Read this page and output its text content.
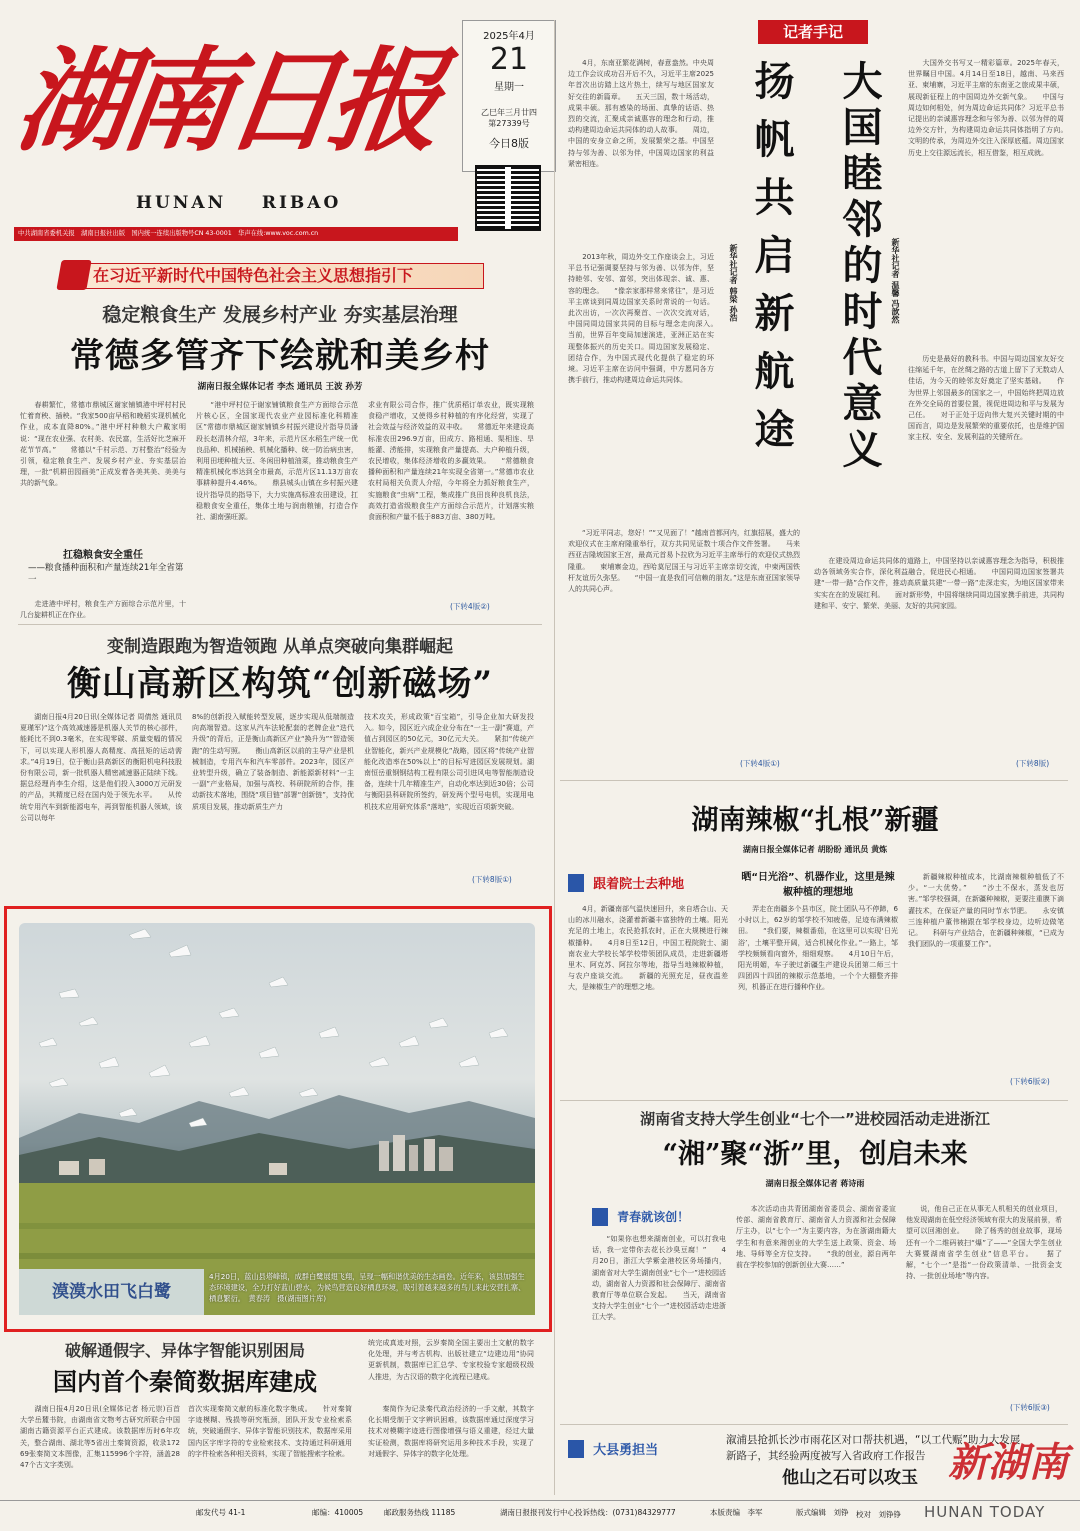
湖南日报
HUNAN    RIBAO
2025年4月
21
星期一
乙巳年三月廿四
第27339号
今日8版
中共湖南省委机关报　湖南日报社出版　国内统一连续出版物号CN 43-0001　华声在线:www.voc.com.cn
在习近平新时代中国特色社会主义思想指引下
稳定粮食生产 发展乡村产业 夯实基层治理
常德多管齐下绘就和美乡村
湖南日报全媒体记者 李杰 通讯员 王波 孙芳
　　春耕繁忙，常德市鼎城区谢家铺镇港中坪村村民忙着育秧、插秧。“我家500亩早稻和晚稻实现机械化作业，成本直降80%。”港中坪村种粮大户戴家明说：“现在农业强、农村美、农民富，生活好比芝麻开花节节高。”　　常德以“千村示范、万村整治”经验为引领，稳定粮食生产、发展乡村产业、夯实基层治理，一批“机耕田园画美”正成发着各美其美、美美与共的新气象。
扛稳粮食安全重任
——粮食播种面积和产量连续21年全省第一
　　走进港中坪村，粮食生产方面综合示范片里，十几台旋耕机正在作业。
　　“港中坪村位于谢家铺镇粮食生产方面综合示范片核心区，全国家现代农业产业园标准化科精准区”常德市鼎城区谢家铺镇乡村振兴建设片指导员潘段长赵清林介绍，3年来，示范片区水稻生产统一优良品种、机械插秧、机械化播种、统一防治病虫害，利用田埂种植大豆、冬闲田种植油菜，推动粮食生产精准机械化率达到全市最高，示范片区11.13万亩农事耕种提升4.46%。　　鼎县城头山镇在乡村振兴建设片指导员的指导下，大力实施高标准农田建设，扛稳粮食安全重任，集体土地与润南粮铺，打造合作社、湖南强旺源。
求业有限公司合作，推广优质稻订单农业，既实现粮食稳产增收，又使得乡村种植的有序化经营，实现了社会效益与经济效益的双丰收。　　常德近年来建设高标准农田296.9万亩，田成方、路相通、渠相连、旱能灌、涝能排，实现粮食产量提高、大户种植升级，农民增收，集体经济增收的多赢效果。　　“常德粮食播种面积和产量连续21年实现全省第一。”常德市农业农村局相关负责人介绍，今年将全力抓好粮食生产，实施粮食“虫病”工程，集成推广良田良种良机良法，高效打造省级粮食生产方面综合示范片，计划落实粮食面积和产量不低于883万亩、380万吨。
(下转4版②)
变制造跟跑为智造领跑 从单点突破向集群崛起
衡山高新区构筑“创新磁场”
　　湖南日报4月20日讯(全媒体记者 周倩然 通讯员 夏瑾军)“这个高效减速器是机器人关节的核心部件，能耗比不到0.3毫米，在实现零碳、质量变幅的情况下，可以实现人形机器人高精度、高扭矩的运动需求。”4月19日，位于衡山县高新区的衡阳机电科技股份有限公司，新一批机器人精密减速器正陆续下线。据总经理肖李生介绍，这是他们投入3000万元研发的产品，其精度已经在国内处于领先水平。　　从传统专用汽车到新能源电车，再到智能机器人领域，该公司以每年
8%的创新投入赋能转型发展，逐步实现从低端制造向高端智造。这家从汽车法轮配套的老牌企业“迭代升级”的背后，正是衡山高新区产业“换升为”“智造领跑”的生动写照。　　衡山高新区以前的主导产业是机械制造，专用汽车和汽车零部件。2023年，园区产业转型升级，确立了装备制造、新能源新材料“一主一副”产业格局，加强与高校、科研院所的合作，推动新技术落地，围绕“项目链”部署“创新链”，支持优质项目发展，推动新质生产力
技术攻关，形成政策“百宝箱”，引导企业加大研发投入。如今，园区近六成企业分布在“一主一副”赛道，产值占到园区的50亿元，30亿元大关。　　紧扣“传统产业智能化，新兴产业规模化”战略，园区将“传统产业智能化改造率在50%以上”的目标写进园区发展规划。湖南恒岳重钢钢结构工程有限公司引进风电等智能制造设备，连续十几年精准生产，自动化率达到近30倍；公司与衡阳县科研院所签约，研发两个型号电机，实现用电机技术应用研究体系“落地”，实现近百项新突破。
(下转8版①)
漠漠水田飞白鹭
4月20日，蓝山县塔峰镇，成群白鹭展翅飞翔，呈现一幅和谐优美的生态画卷。近年来，该县加强生态环境建设，全力打好蓝山碧水，为候鸟营造良好栖息环境，吸引着越来越多的鸟儿来此安营扎寨、栖息繁衍。　黄春涛　摄(湖南图片库)
破解通假字、异体字智能识别困局
国内首个秦简数据库建成
　　湖南日报4月20日讯(全媒体记者 杨元崇)百首大学岳麓书院，由湖南省文物考古研究所联合中国湖南古籍资源平台正式建成。该数据库历时6年攻关，整合湖南、湖北等5省出土秦简资源，收录17269张秦简文本图像，汇集115996个字符，涵盖2847个古文字类别。
首次实现秦简文献的标准化数字集成。　　针对秦简字迹模糊、残损等研究瓶颈，团队开发专业检索系统，突破通假字、异体字智能识别技术，数据库采用国内区字库字符的专业检索技术、支持通过科研通用的字件检索各种相关资料，实现了智能搜索字检索。
统完成真迹对照，云岁秦简全国主要出土文献的数字化处理，并与考古机构、出版社建立“边建边用”协同更新机制，数据库已汇总学、专家校验专家超级权级人推进，为古汉语的数字化流程已建成。
　　秦简作为记录秦代政治经济的一手文献，其数字化长期受制于文字辨识困难，该数据库通过深度学习技术对模糊字迹进行图像增强与语义重建，经过大量实证检测，数据库将研究运用多种技术手段，实现了对通假字、异体字的数字化处理。
　　4月，东南亚繁花满树，春意盎然。中央周边工作会议成功召开后不久，习近平主席2025年首次出访踏上这片热土，续写与地区国家友好交往的新篇章。　　五天三国，数十场活动，成果丰硕。那有感染的场面、真挚的话语、热烈的交流，汇聚成亲诚惠容的理念和行动，推动构建周边命运共同体的动人故事。　　周边，中国的安身立命之所，发展繁荣之基。中国坚持与邻为善、以邻为伴，中国周边国家的利益紧密相连。
　　2013年秋，周边外交工作座谈会上，习近平总书记强调要坚持与邻为善、以邻为伴，坚持睦邻、安邻、富邻，突出体现亲、诚、惠、容的理念。　　“像亲家那样常来常往”，是习近平主席谈到同周边国家关系时常说的一句话。此次出访，一次次再聚首、一次次交流对话，中国同周边国家共同的目标与理念走向深入。　　当前，世界百年变局加速演进，亚洲正站在实现整体振兴的历史关口。周边国家发展稳定、团结合作，为中国式现代化提供了稳定的环境。习近平主席在访问中强调，中方愿同各方携手前行，推动构建周边命运共同体。
　　“习近平同志，您好！”“又见面了！”越南首都河内，红旗招展，盛大的欢迎仪式在主席府隆重举行，双方共同见证数十项合作文件签署。　　马来西亚吉隆坡国家王宫，最高元首易卜拉欣为习近平主席举行的欢迎仪式热烈隆重。　　柬埔寨金边，西哈莫尼国王与习近平主席亲切交流，中柬两国铁杆友谊历久弥坚。　　“中国一直是我们可信赖的朋友。”这是东南亚国家领导人的共同心声。
(下转4版①)
记者手记
扬帆共启新航途
新华社记者 韩梁 孙浩 大国睦邻的时代意义	新华社记者 温馨 冯歆然
　　大国外交书写又一精彩篇章。2025年春天，世界瞩目中国。4月14日至18日，越南、马来西亚、柬埔寨，习近平主席的东南亚之旅成果丰硕，展现新征程上的中国周边外交新气象。　　中国与周边如何相处，何为周边命运共同体？习近平总书记提出的亲诚惠容理念和与邻为善、以邻为伴的周边外交方针，为构建周边命运共同体指明了方向。　　文明的传承，为周边外交注入深厚底蕴。周边国家历史上交往源远流长，相互借鉴，相互成就。
　　历史是最好的教科书。中国与周边国家友好交往绵延千年，在丝绸之路的古道上留下了无数动人佳话，为今天的睦邻友好奠定了坚实基础。　　作为世界上邻国最多的国家之一，中国始终把周边放在外交全局的首要位置，视促进周边和平与发展为己任。　　对于正处于迈向伟大复兴关键时期的中国而言，周边是发展繁荣的重要依托，也是维护国家主权、安全、发展利益的关键所在。
　　在建设周边命运共同体的道路上，中国坚持以亲诚惠容理念为指导，积极推动各领域务实合作，深化利益融合，促进民心相通。　　中国同周边国家签署共建“一带一路”合作文件，推动高质量共建“一带一路”走深走实，为地区国家带来实实在在的发展红利。　　面对新形势，中国将继续同周边国家携手前进，共同构建和平、安宁、繁荣、美丽、友好的共同家园。
(下转8版)
湖南辣椒“扎根”新疆
湖南日报全媒体记者 胡盼盼 通讯员 黄炼
跟着院士去种地	晒“日光浴”、机器作业，这里是辣椒种植的理想地
　　4月，新疆南部气温快速回升，来自塔合山、天山的冰川融水，浇灌着新疆丰富独特的土壤。阳光充足的土地上，农民抢抓农时，正在大规模进行辣椒播种。　　4月8日至12日，中国工程院院士、湖南农业大学校长邹学校带领团队成员，走进新疆塔里木、阿克苏、阿拉尔等地，指导当地辣椒种植，与农户座谈交流。　　新疆的光照充足，昼夜温差大，是辣椒生产的理想之地。
　　弄走在南疆多个县市区，院士团队马不停蹄，6小时以上，62岁的邹学校不知疲倦，足迹布满辣椒田。　　“我们要，辣椒番茄，在这里可以实现‘日光浴’，土壤平整开阔，适合机械化作业。”一路上，邹学校频频看向窗外，细细观察。　　4月10日午后，阳光明媚，车子驶过新疆生产建设兵团第二师三十四团四十四团的辣椒示范基地，一个个大棚整齐排列，机器正在进行播种作业。
　　新疆辣椒种植成本，比湖南辣椒种植低了不少。“一大优势。”　　“沙土不保水，蒸发也厉害。”邹学校强调，在新疆种辣椒，更要注重膜下滴灌技术，在保证产量的同时节水节肥。　　永安镇三连种植户董伟楠跟在邹学校身边，边听边做笔记。　　科研与产业结合，在新疆种辣椒，“已成为我们团队的一项重要工作”。
(下转6版②)
湖南省支持大学生创业“七个一”进校园活动走进浙江
“湘”聚“浙”里，创启未来
湖南日报全媒体记者 蒋诗雨
青春就该创！
　　“如果你也想来湖南创业，可以打我电话，我一定带你去花长沙臭豆腐！”　　4月20日，浙江大学紫金港校区务场播内，湖南省对大学生湖南创业“七个一”进校园活动，湖南省人力资源和社会保障厅、湖南省教育厅等单位联合发起。　　当天，湖南省支持大学生创业“七个一”进校园活动走进浙江大学。
　　本次活动由共青团湖南省委员会、湖南省委宣传部、湖南省教育厅、湖南省人力资源和社会保障厅主办，以“七个一”为主要内容，为在浙湖南籍大学生和有意来湘创业的大学生送上政策、资金、场地、导师等全方位支持。　　“我的创业，源自两年前在学校参加的创新创业大赛……”
　　说，他自己正在从事无人机相关的创业项目，他发现湖南在低空经济领域有很大的发展前景，希望可以回湘创业。　　除了杨秀的创业故事，现场还有一个二维码被扫“爆”了——“全国大学生创业大赛暨湖南省学生创业”信息平台。　　据了解，“七个一”是指“一份政策清单、一批资金支持、一批创业场地”等内容。
(下转6版③)
大县勇担当
溆浦县抢抓长沙市雨花区对口帮扶机遇，“以工代赈”助力大发展
新路子，其经验两度被写入省政府工作报告
他山之石可以攻玉 新湖南
邮发代号 41-1	邮编：410005	邮政服务热线 11185	湖南日报报刊发行中心投诉热线：(0731)84329777	本版责编　李军	版式编辑　刘铮 校对　刘铮铮 HUNAN TODAY
